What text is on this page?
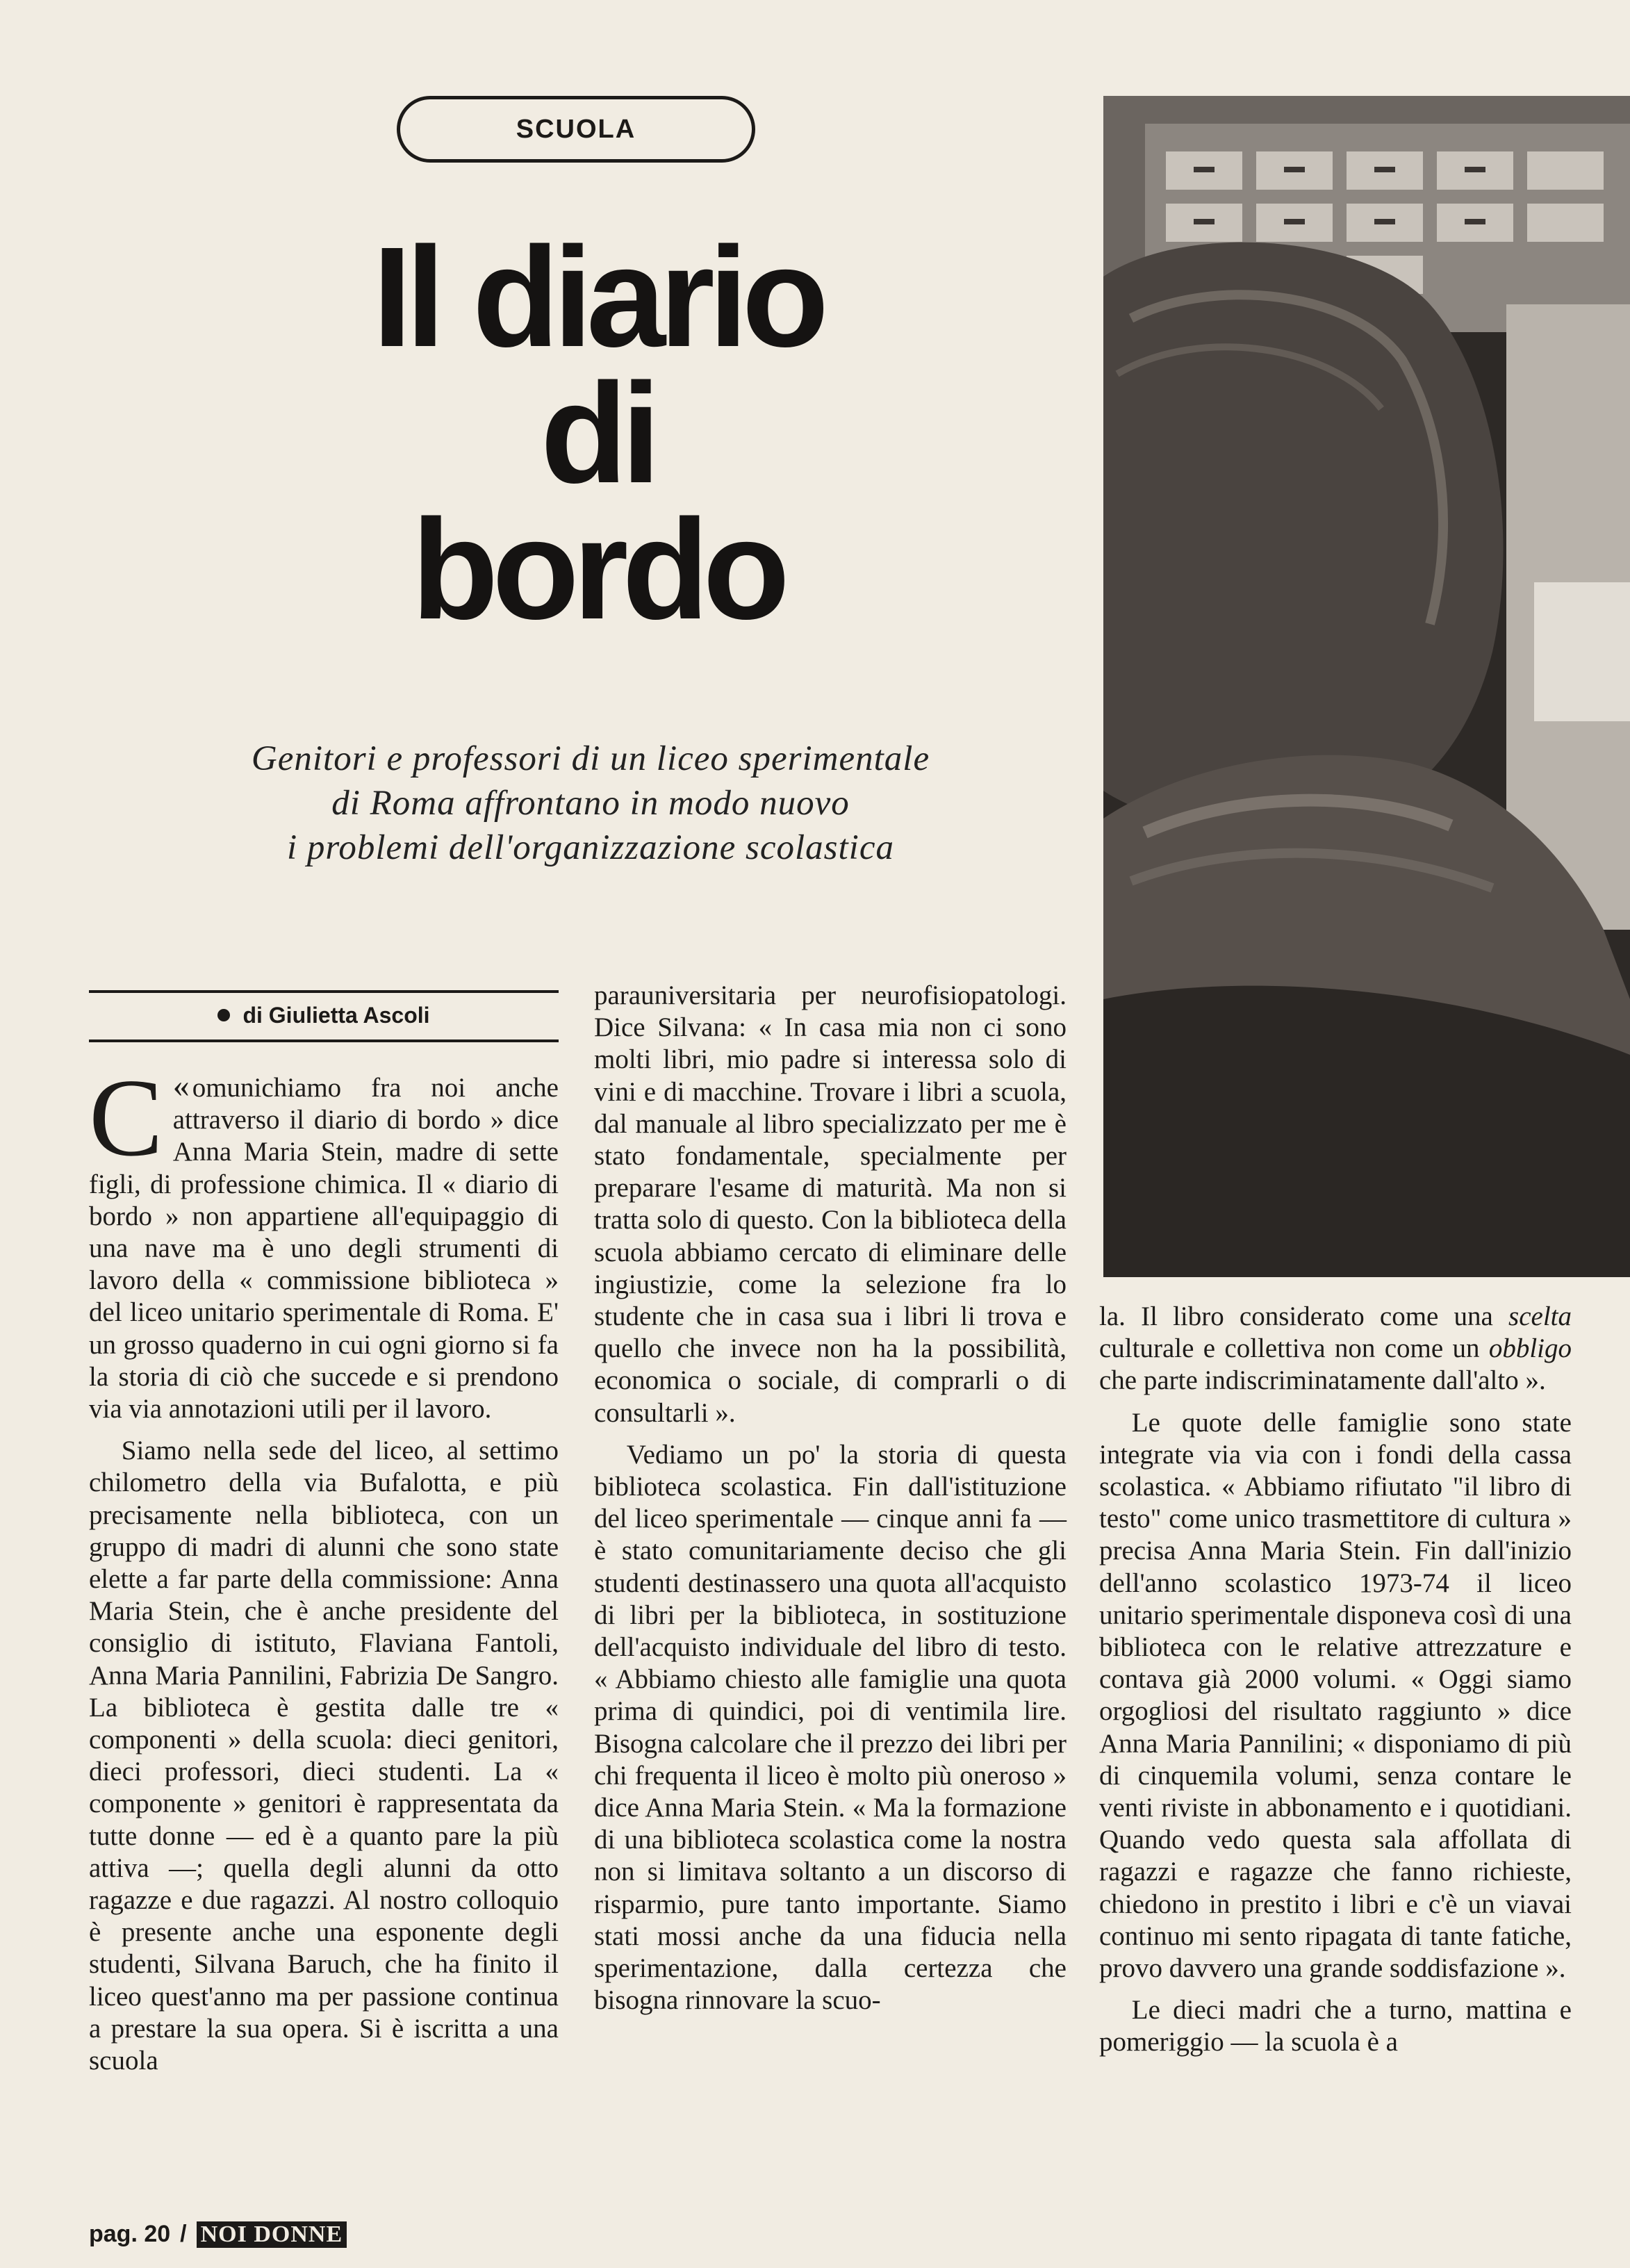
SCUOLA
Il diario
di
bordo
Genitori e professori di un liceo sperimentale
di Roma affrontano in modo nuovo
i problemi dell'organizzazione scolastica
di Giulietta Ascoli

«
C omunichiamo fra noi anche attraverso il diario di bordo » dice Anna Maria Stein, madre di sette figli, di professione chimica. Il « diario di bordo » non appartiene all'equipaggio di una nave ma è uno degli strumenti di lavoro della « commissione biblioteca » del liceo unitario sperimentale di Roma. E' un grosso quaderno in cui ogni giorno si fa la storia di ciò che succede e si prendono via via annotazioni utili per il lavoro.

Siamo nella sede del liceo, al settimo chilometro della via Bufalotta, e più precisamente nella biblioteca, con un gruppo di madri di alunni che sono state elette a far parte della commissione: Anna Maria Stein, che è anche presidente del consiglio di istituto, Flaviana Fantoli, Anna Maria Pannilini, Fabrizia De Sangro. La biblioteca è gestita dalle tre « componenti » della scuola: dieci genitori, dieci professori, dieci studenti. La « componente » genitori è rappresentata da tutte donne — ed è a quanto pare la più attiva —; quella degli alunni da otto ragazze e due ragazzi. Al nostro colloquio è presente anche una esponente degli studenti, Silvana Baruch, che ha finito il liceo quest'anno ma per passione continua a prestare la sua opera. Si è iscritta a una scuola

parauniversitaria per neurofisiopatologi. Dice Silvana: « In casa mia non ci sono molti libri, mio padre si interessa solo di vini e di macchine. Trovare i libri a scuola, dal manuale al libro specializzato per me è stato fondamentale, specialmente per preparare l'esame di maturità. Ma non si tratta solo di questo. Con la biblioteca della scuola abbiamo cercato di eliminare delle ingiustizie, come la selezione fra lo studente che in casa sua i libri li trova e quello che invece non ha la possibilità, economica o sociale, di comprarli o di consultarli ».

Vediamo un po' la storia di questa biblioteca scolastica. Fin dall'istituzione del liceo sperimentale — cinque anni fa — è stato comunitariamente deciso che gli studenti destinassero una quota all'acquisto di libri per la biblioteca, in sostituzione dell'acquisto individuale del libro di testo. « Abbiamo chiesto alle famiglie una quota prima di quindici, poi di ventimila lire. Bisogna calcolare che il prezzo dei libri per chi frequenta il liceo è molto più oneroso » dice Anna Maria Stein. « Ma la formazione di una biblioteca scolastica come la nostra non si limitava soltanto a un discorso di risparmio, pure tanto importante. Siamo stati mossi anche da una fiducia nella sperimentazione, dalla certezza che bisogna rinnovare la scuo-

la. Il libro considerato come una scelta culturale e collettiva non come un obbligo che parte indiscriminatamente dall'alto ».

Le quote delle famiglie sono state integrate via via con i fondi della cassa scolastica. « Abbiamo rifiutato "il libro di testo" come unico trasmettitore di cultura » precisa Anna Maria Stein. Fin dall'inizio dell'anno scolastico 1973-74 il liceo unitario sperimentale disponeva così di una biblioteca con le relative attrezzature e contava già 2000 volumi. « Oggi siamo orgogliosi del risultato raggiunto » dice Anna Maria Pannilini; « disponiamo di più di cinquemila volumi, senza contare le venti riviste in abbonamento e i quotidiani. Quando vedo questa sala affollata di ragazzi e ragazze che fanno richieste, chiedono in prestito i libri e c'è un viavai continuo mi sento ripagata di tante fatiche, provo davvero una grande soddisfazione ».

Le dieci madri che a turno, mattina e pomeriggio — la scuola è a

pag. 20 / NOI DONNE
